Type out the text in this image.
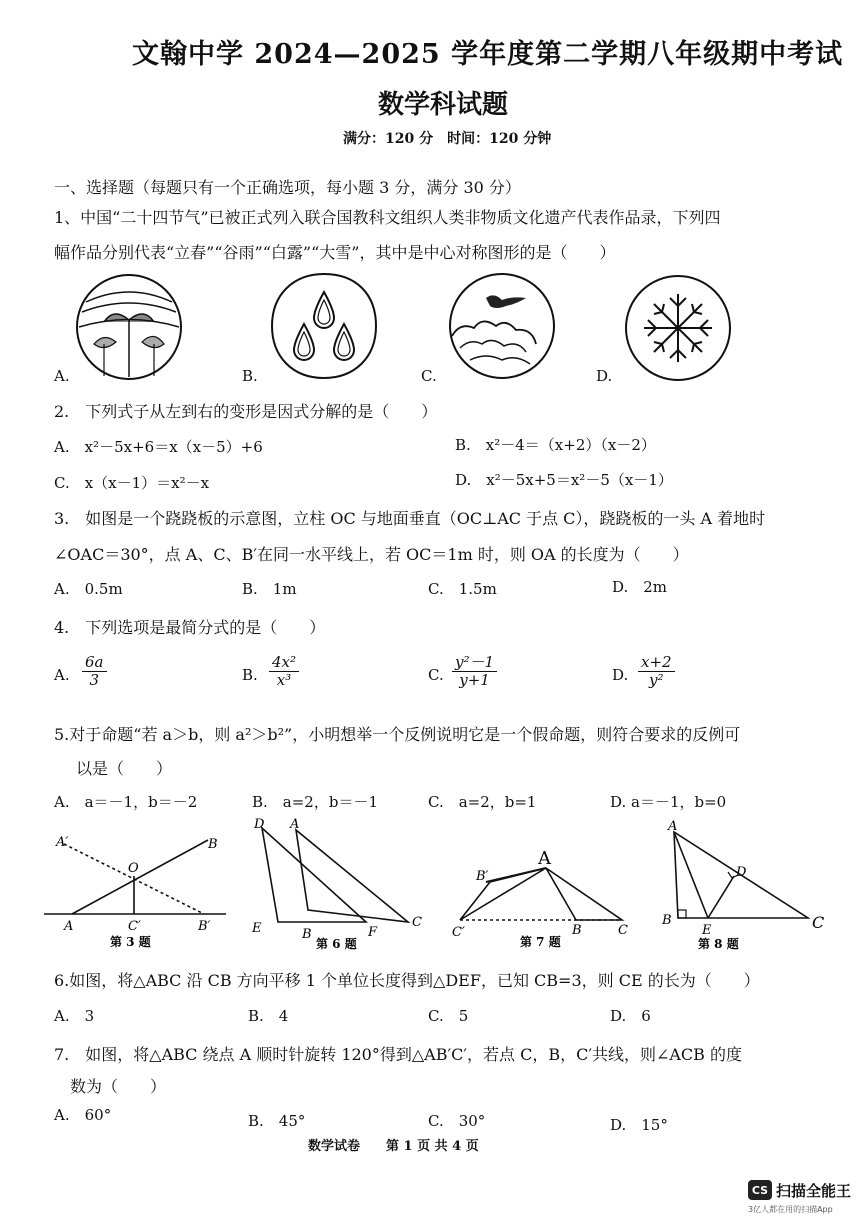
文翰中学 2024—2025 学年度第二学期八年级期中考试
数学科试题
满分：120 分　时间：120 分钟
一、选择题（每题只有一个正确选项，每小题 3 分，满分 30 分）
1、中国“二十四节气”已被正式列入联合国教科文组织人类非物质文化遗产代表作品录，下列四
幅作品分别代表“立春”“谷雨”“白露”“大雪”，其中是中心对称图形的是（　　）
A.	B.	C.	D.
2.　下列式子从左到右的变形是因式分解的是（　　）
A.　x²－5x+6＝x（x－5）+6	B.　x²－4＝（x+2）（x－2）
C.　x（x－1）＝x²－x	D.　x²－5x+5＝x²－5（x－1）
3.　如图是一个跷跷板的示意图，立柱 OC 与地面垂直（OC⊥AC 于点 C），跷跷板的一头 A 着地时
∠OAC＝30°，点 A、C、B′在同一水平线上，若 OC＝1m 时，则 OA 的长度为（　　）
A.　0.5m	B.　1m	C.　1.5m	D.　2m
4.　下列选项是最简分式的是（　　）
A. $\frac{6a}{3}$	B. $\frac{\text{4x²}}{\text{x³}}$	C. $\frac{\text{y²－1}}{y+1}$	D. $\frac{x+2}{\text{y²}}$
5.对于命题“若 a＞b，则 a²＞b²”，小明想举一个反例说明它是一个假命题，则符合要求的反例可
以是（　　）
A.　a＝－1，b＝－2	B.　a=2，b＝－1	C.　a=2，b=1	D. a＝－1，b=0
A′
O
B
A	C′	B′
第 3 题
D A
E	B	F
C
第 6 题
A
B′
C′	B	C
第 7 题
A
D
B
E	C
第 8 题
6.如图，将△ABC 沿 CB 方向平移 1 个单位长度得到△DEF，已知 CB=3，则 CE 的长为（　　）
A.　3	B.　4	C.　5	D.　6
7.　如图，将△ABC 绕点 A 顺时针旋转 120°得到△AB′C′，若点 C，B，C′共线，则∠ACB 的度
数为（　　）
A.　60°	B.　45°	C.　30°	D.　15°
数学试卷　　第 1 页 共 4 页
CS 扫描全能王
3亿人都在用的扫描App
